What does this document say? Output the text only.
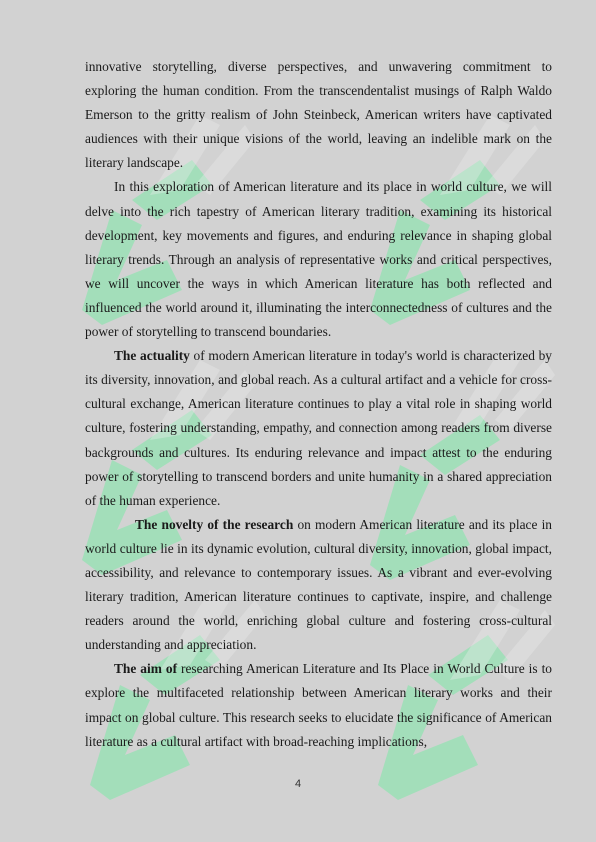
innovative storytelling, diverse perspectives, and unwavering commitment to exploring the human condition. From the transcendentalist musings of Ralph Waldo Emerson to the gritty realism of John Steinbeck, American writers have captivated audiences with their unique visions of the world, leaving an indelible mark on the literary landscape.

In this exploration of American literature and its place in world culture, we will delve into the rich tapestry of American literary tradition, examining its historical development, key movements and figures, and enduring relevance in shaping global literary trends. Through an analysis of representative works and critical perspectives, we will uncover the ways in which American literature has both reflected and influenced the world around it, illuminating the interconnectedness of cultures and the power of storytelling to transcend boundaries.

The actuality of modern American literature in today's world is characterized by its diversity, innovation, and global reach. As a cultural artifact and a vehicle for cross-cultural exchange, American literature continues to play a vital role in shaping world culture, fostering understanding, empathy, and connection among readers from diverse backgrounds and cultures. Its enduring relevance and impact attest to the enduring power of storytelling to transcend borders and unite humanity in a shared appreciation of the human experience.

The novelty of the research on modern American literature and its place in world culture lie in its dynamic evolution, cultural diversity, innovation, global impact, accessibility, and relevance to contemporary issues. As a vibrant and ever-evolving literary tradition, American literature continues to captivate, inspire, and challenge readers around the world, enriching global culture and fostering cross-cultural understanding and appreciation.

The aim of researching American Literature and Its Place in World Culture is to explore the multifaceted relationship between American literary works and their impact on global culture. This research seeks to elucidate the significance of American literature as a cultural artifact with broad-reaching implications,

4
